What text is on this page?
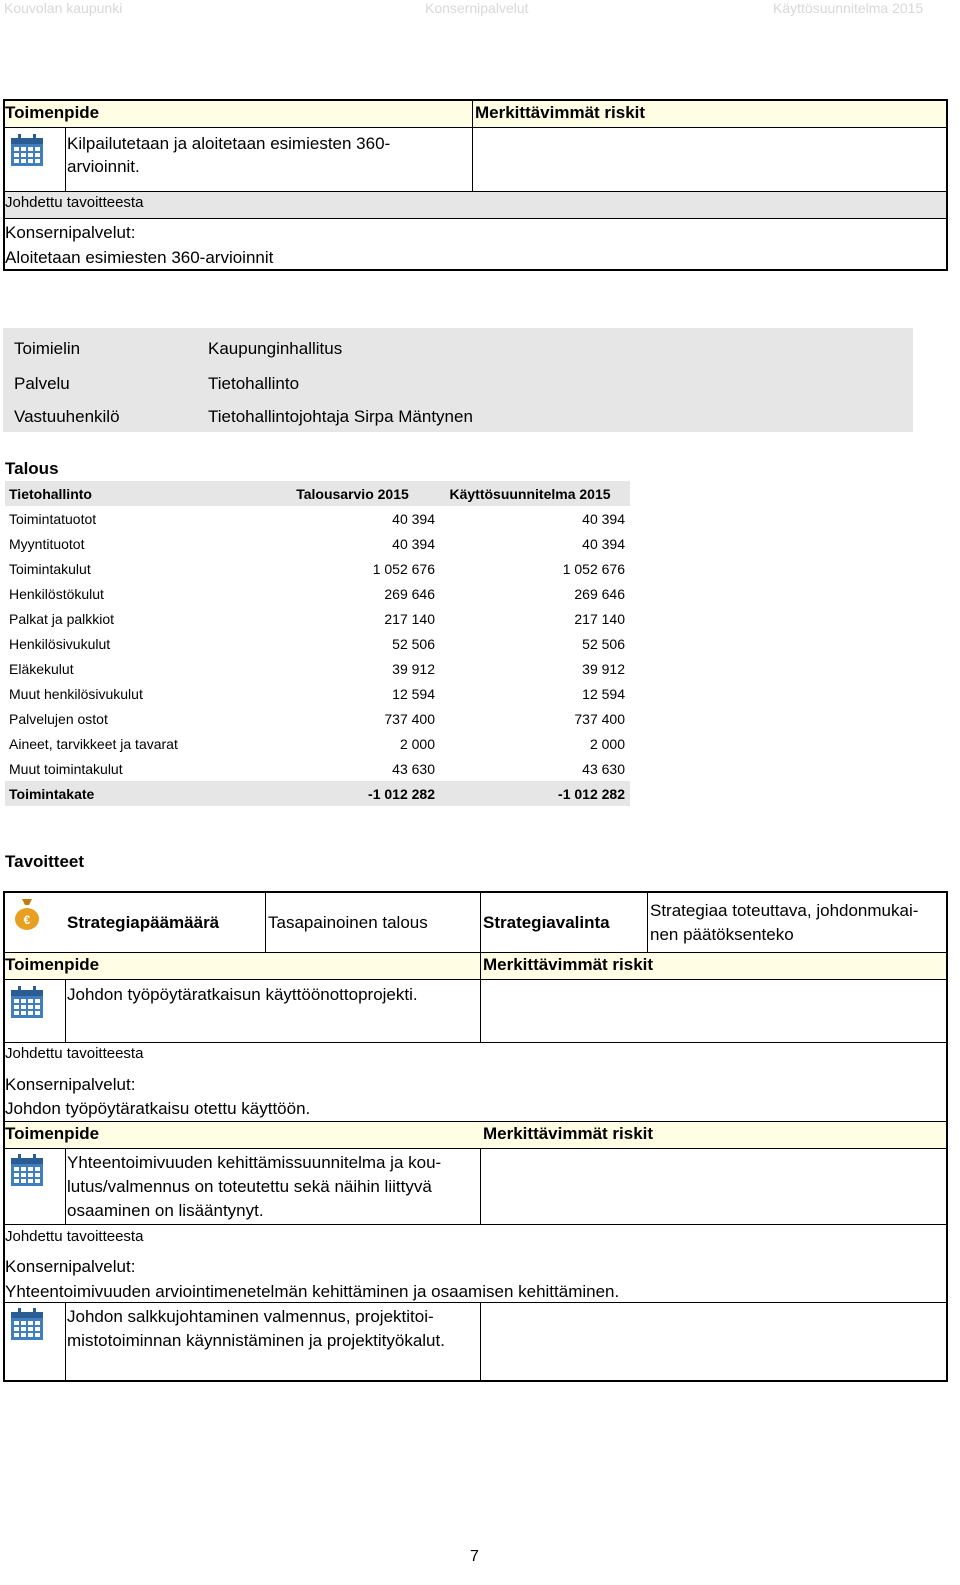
Kouvolan kaupunki	Konsernipalvelut	Käyttösuunnitelma 2015
Toimenpide	Merkittävimmät riskit
Kilpailutetaan ja aloitetaan esimiesten 360-
arvioinnit.
Johdettu tavoitteesta
Konsernipalvelut:
Aloitetaan esimiesten 360-arvioinnit
Toimielin	Kaupunginhallitus
Palvelu	Tietohallinto
Vastuuhenkilö	Tietohallintojohtaja Sirpa Mäntynen
Talous
Tietohallinto	Talousarvio 2015	Käyttösuunnitelma 2015
Toimintatuotot	40 394	40 394
Myyntituotot	40 394	40 394
Toimintakulut	1 052 676	1 052 676
Henkilöstökulut	269 646	269 646
Palkat ja palkkiot	217 140	217 140
Henkilösivukulut	52 506	52 506
Eläkekulut	39 912	39 912
Muut henkilösivukulut	12 594	12 594
Palvelujen ostot	737 400	737 400
Aineet, tarvikkeet ja tavarat	2 000	2 000
Muut toimintakulut	43 630	43 630
Toimintakate	-1 012 282	-1 012 282
Tavoitteet
€ Strategiapäämäärä	Tasapainoinen talous	Strategiavalinta
Strategiaa toteuttava, johdonmukai-
nen päätöksenteko
Toimenpide	Merkittävimmät riskit
Johdon työpöytäratkaisun käyttöönottoprojekti.
Johdettu tavoitteesta
Konsernipalvelut:
Johdon työpöytäratkaisu otettu käyttöön.
Toimenpide	Merkittävimmät riskit
Yhteentoimivuuden kehittämissuunnitelma ja kou-
lutus/valmennus on toteutettu sekä näihin liittyvä
osaaminen on lisääntynyt.
Johdettu tavoitteesta
Konsernipalvelut:
Yhteentoimivuuden arviointimenetelmän kehittäminen ja osaamisen kehittäminen.
Johdon salkkujohtaminen valmennus, projektitoi-
mistotoiminnan käynnistäminen ja projektityökalut.
7
